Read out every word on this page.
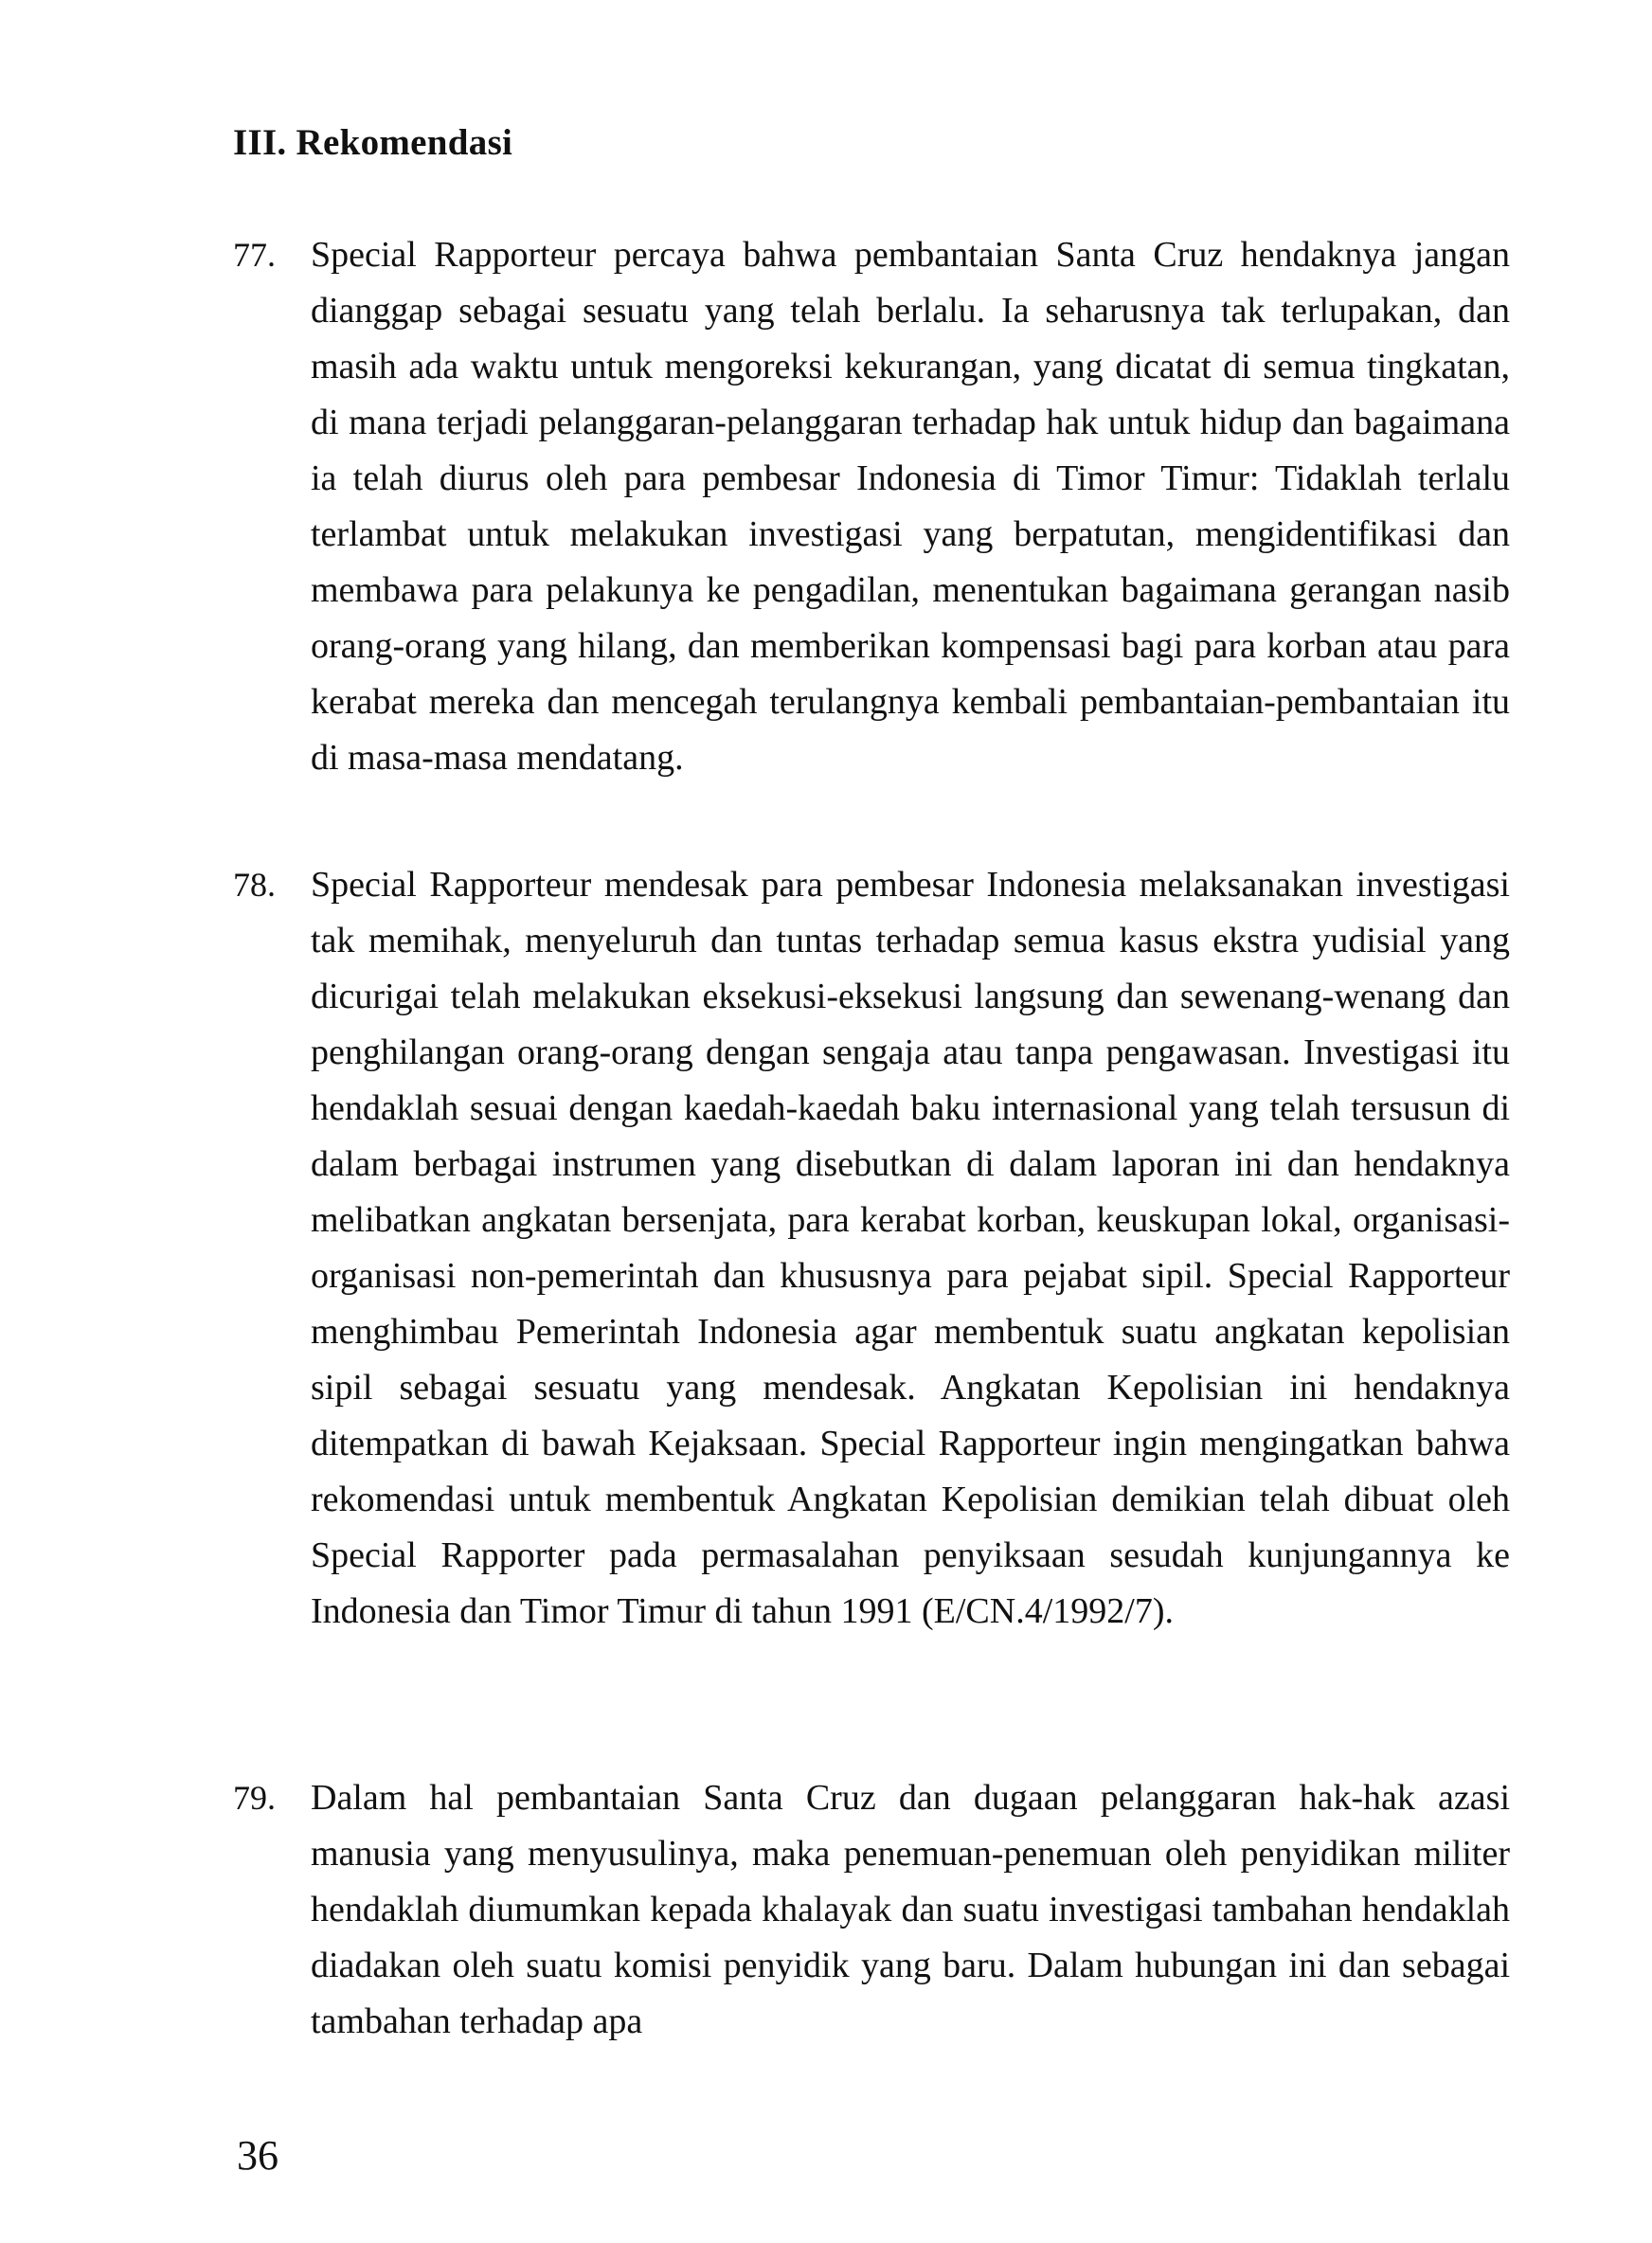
III. Rekomendasi
77. Special Rapporteur percaya bahwa pembantaian Santa Cruz hendaknya jangan dianggap sebagai sesuatu yang telah berlalu. Ia seharusnya tak terlupakan, dan masih ada waktu untuk mengoreksi kekurangan, yang dicatat di semua tingkatan, di mana terjadi pelanggaran-pelanggaran terhadap hak untuk hidup dan bagaimana ia telah diurus oleh para pembesar Indonesia di Timor Timur: Tidaklah terlalu terlambat untuk melakukan investigasi yang berpatutan, mengidentifikasi dan membawa para pelakunya ke pengadilan, menentukan bagaimana gerangan nasib orang-orang yang hilang, dan memberikan kompensasi bagi para korban atau para kerabat mereka dan mencegah terulangnya kembali pembantaian-pembantaian itu di masa-masa mendatang.

78. Special Rapporteur mendesak para pembesar Indonesia melaksanakan investigasi tak memihak, menyeluruh dan tuntas terhadap semua kasus ekstra yudisial yang dicurigai telah melakukan eksekusi-eksekusi langsung dan sewenang-wenang dan penghilangan orang-orang dengan sengaja atau tanpa pengawasan. Investigasi itu hendaklah sesuai dengan kaedah-kaedah baku internasional yang telah tersusun di dalam berbagai instrumen yang disebutkan di dalam laporan ini dan hendaknya melibatkan angkatan bersenjata, para kerabat korban, keuskupan lokal, organisasi-organisasi non-pemerintah dan khususnya para pejabat sipil. Special Rapporteur menghimbau Pemerintah Indonesia agar membentuk suatu angkatan kepolisian sipil sebagai sesuatu yang mendesak. Angkatan Kepolisian ini hendaknya ditempatkan di bawah Kejaksaan. Special Rapporteur ingin mengingatkan bahwa rekomendasi untuk membentuk Angkatan Kepolisian demikian telah dibuat oleh Special Rapporter pada permasalahan penyiksaan sesudah kunjungannya ke Indonesia dan Timor Timur di tahun 1991 (E/CN.4/1992/7).

79. Dalam hal pembantaian Santa Cruz dan dugaan pelanggaran hak-hak azasi manusia yang menyusulinya, maka penemuan-penemuan oleh penyidikan militer hendaklah diumumkan kepada khalayak dan suatu investigasi tambahan hendaklah diadakan oleh suatu komisi penyidik yang baru. Dalam hubungan ini dan sebagai tambahan terhadap apa

36
